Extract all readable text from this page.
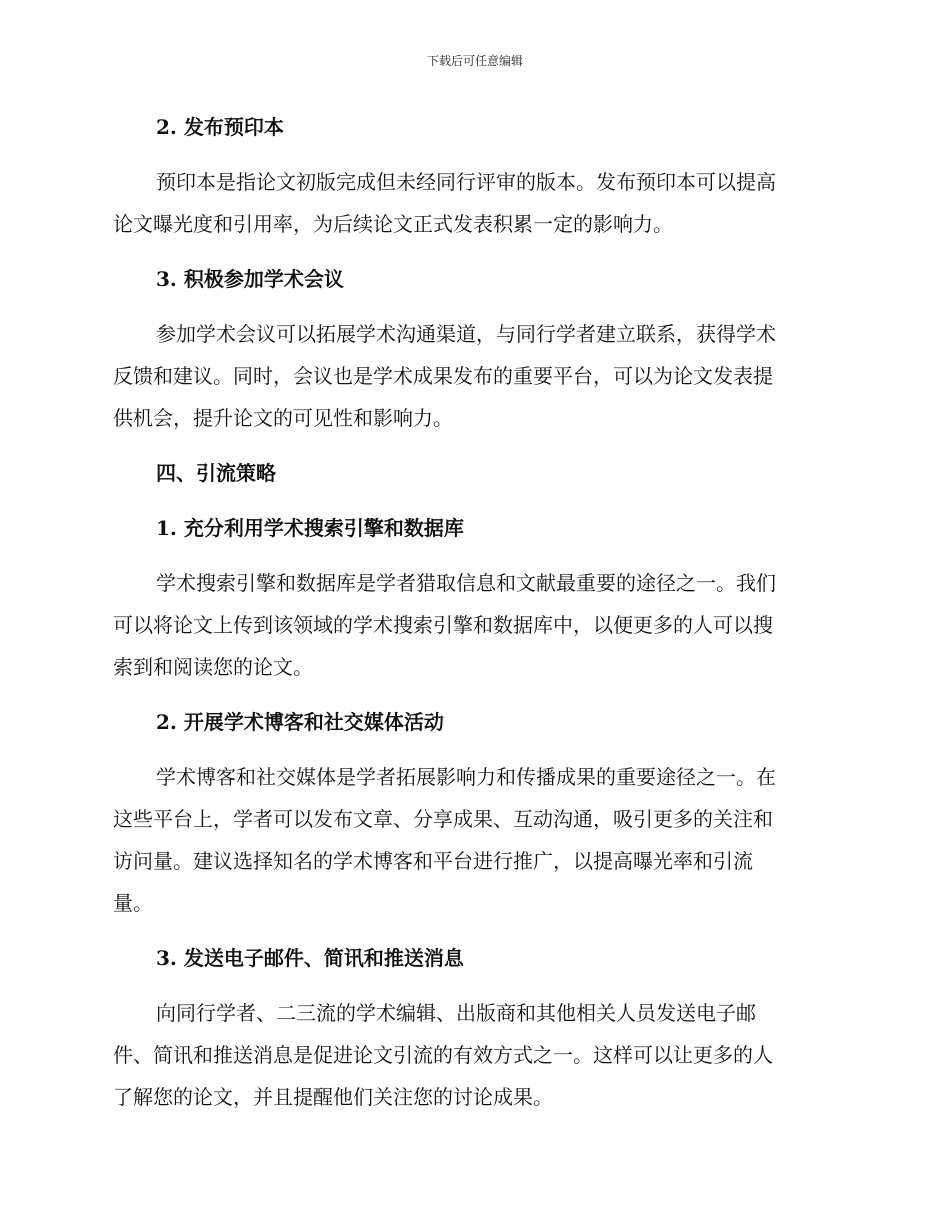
下载后可任意编辑
2. 发布预印本
预印本是指论文初版完成但未经同行评审的版本。发布预印本可以提高
论文曝光度和引用率，为后续论文正式发表积累一定的影响力。
3. 积极参加学术会议
参加学术会议可以拓展学术沟通渠道，与同行学者建立联系，获得学术
反馈和建议。同时，会议也是学术成果发布的重要平台，可以为论文发表提
供机会，提升论文的可见性和影响力。
四、引流策略
1. 充分利用学术搜索引擎和数据库
学术搜索引擎和数据库是学者猎取信息和文献最重要的途径之一。我们
可以将论文上传到该领域的学术搜索引擎和数据库中，以便更多的人可以搜
索到和阅读您的论文。
2. 开展学术博客和社交媒体活动
学术博客和社交媒体是学者拓展影响力和传播成果的重要途径之一。在
这些平台上，学者可以发布文章、分享成果、互动沟通，吸引更多的关注和
访问量。建议选择知名的学术博客和平台进行推广，以提高曝光率和引流
量。
3. 发送电子邮件、简讯和推送消息
向同行学者、二三流的学术编辑、出版商和其他相关人员发送电子邮
件、简讯和推送消息是促进论文引流的有效方式之一。这样可以让更多的人
了解您的论文，并且提醒他们关注您的讨论成果。
